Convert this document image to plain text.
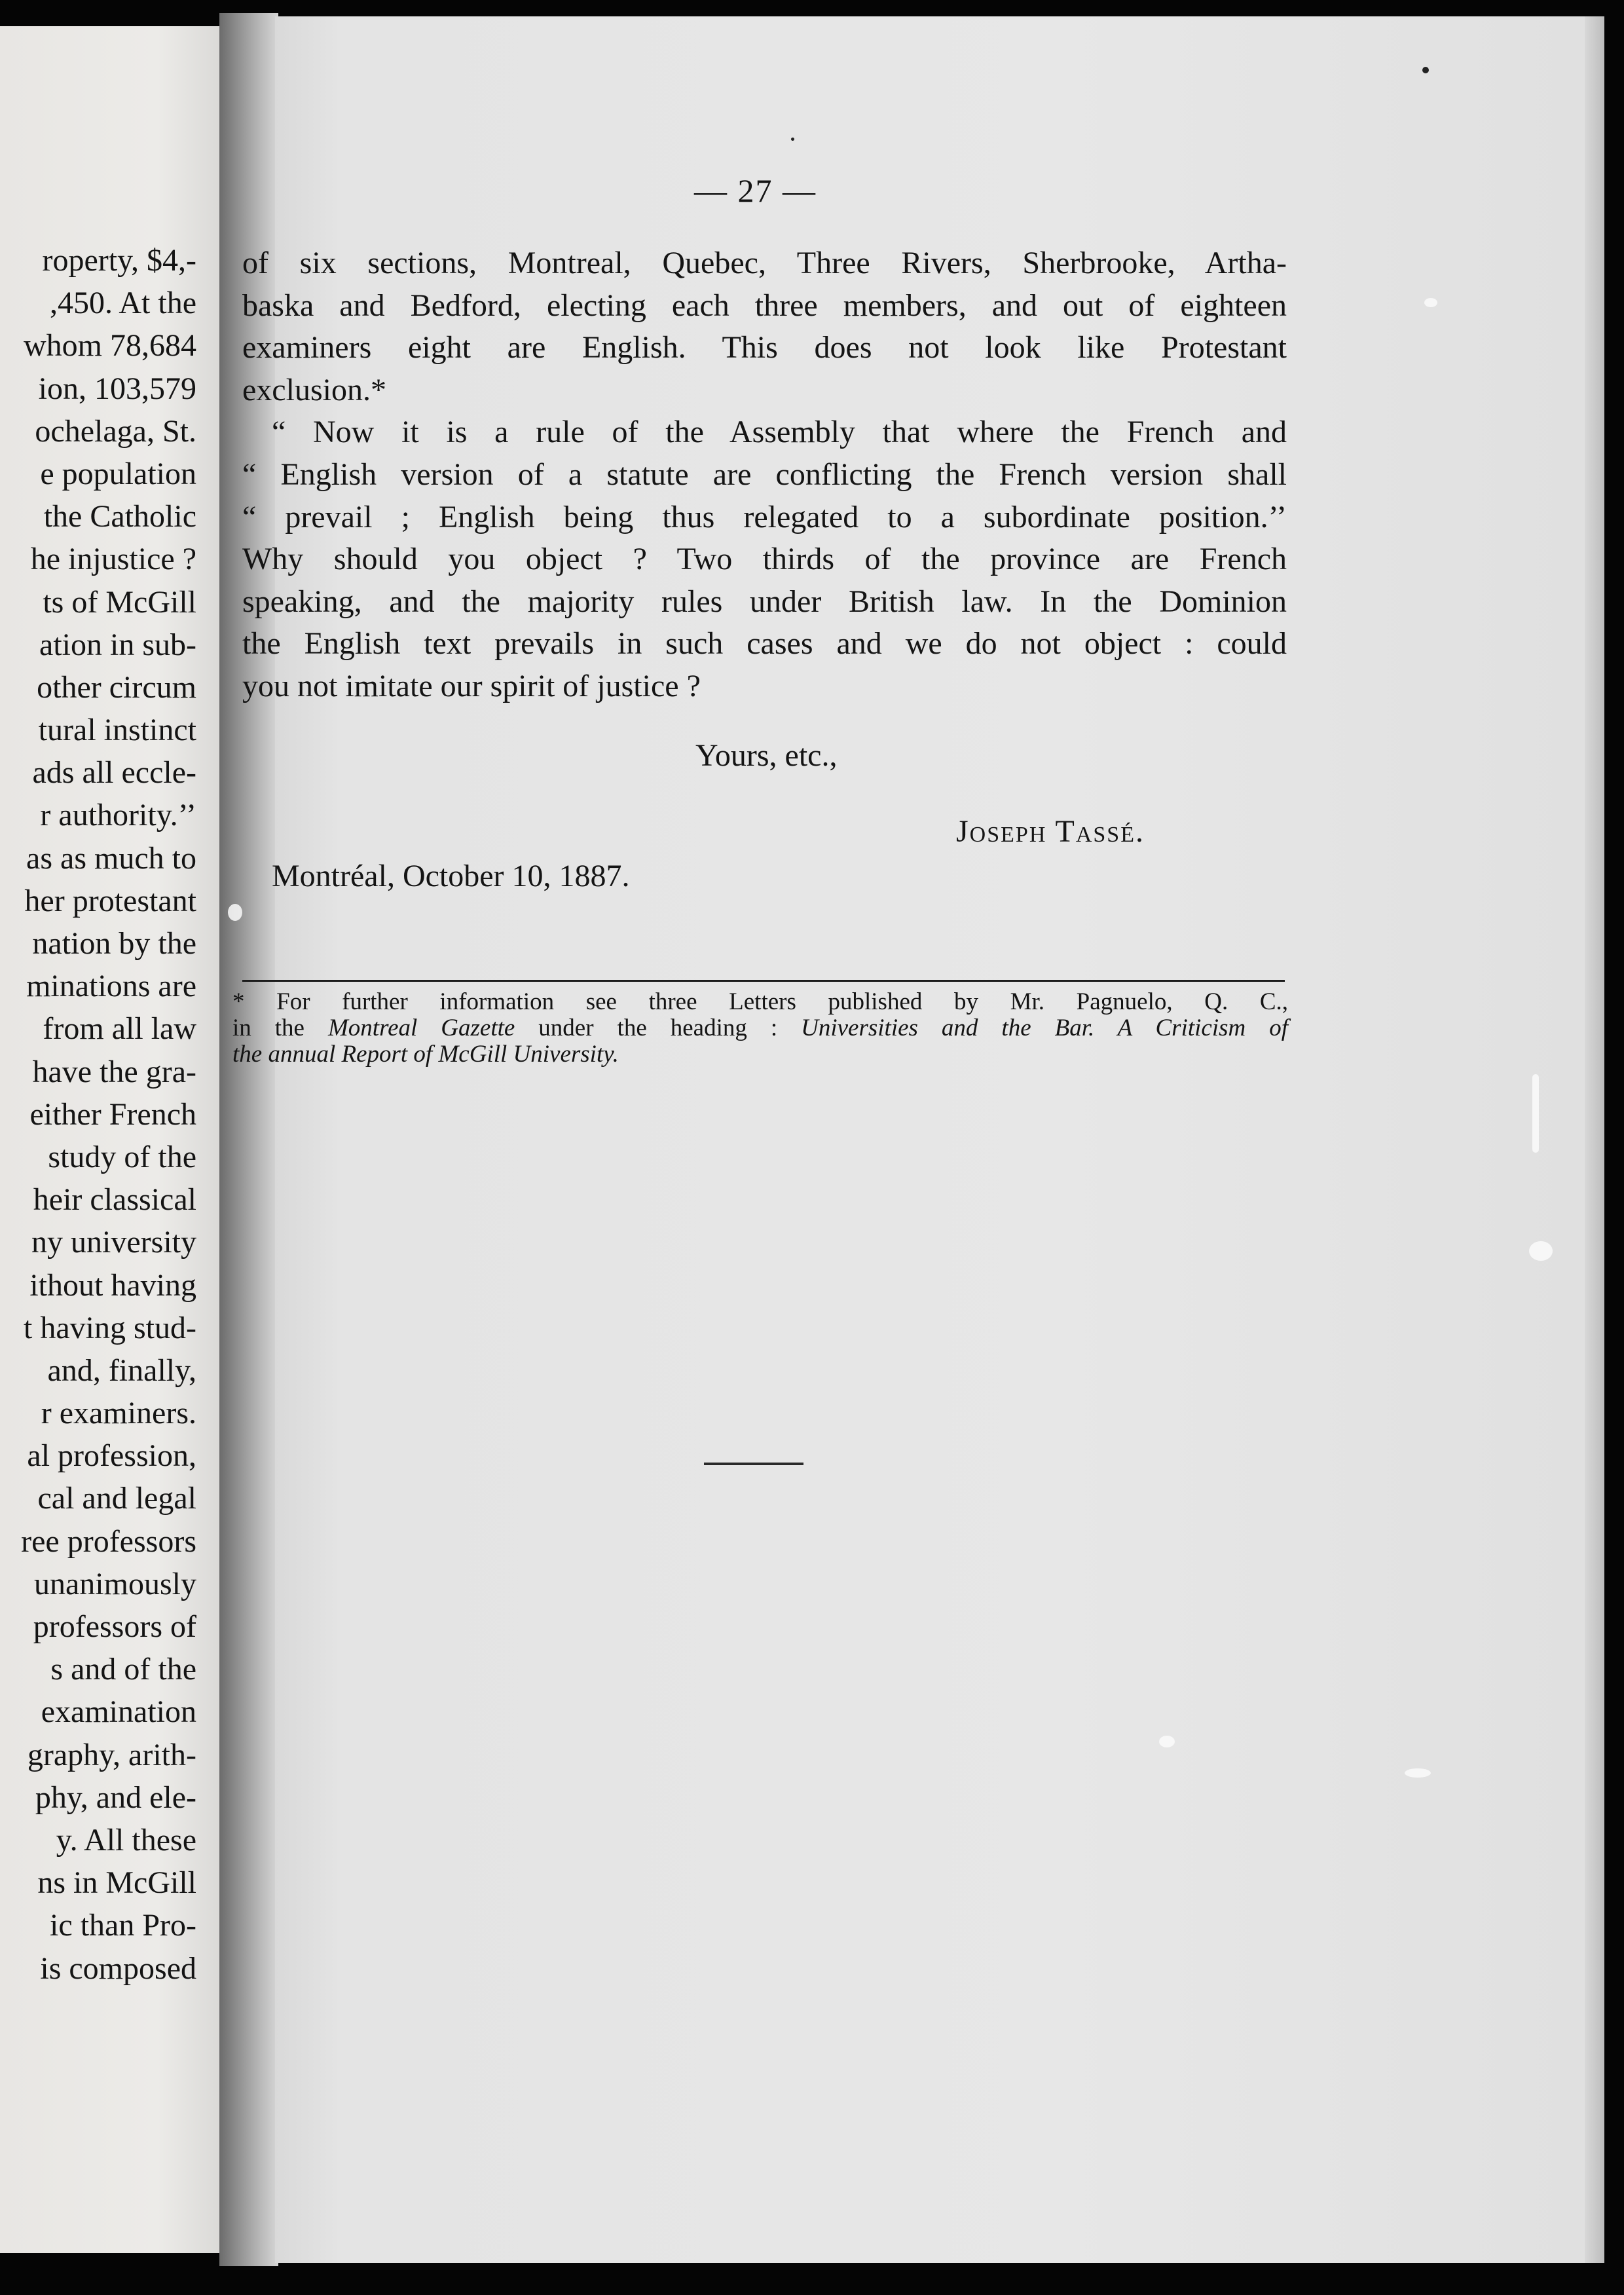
roperty, $4,-
,450. At the
whom 78,684
ion, 103,579
ochelaga, St.
e population
the Catholic
he injustice ?
ts of McGill
ation in sub-
other circum
tural instinct
ads all eccle-
r authority.’’
as as much to
her protestant
nation by the
minations are
from all law
have the gra-
either French
study of the
heir classical
ny university
ithout having
t having stud-
and, finally,
r examiners.
al profession,
cal and legal
ree professors
unanimously
professors of
s and of the
examination
graphy, arith-
phy, and ele-
y. All these
ns in McGill
ic than Pro-
is composed
— 27 —
of six sections, Montreal, Quebec, Three Rivers, Sherbrooke, Artha-
baska and Bedford, electing each three members, and out of eighteen
examiners eight are English. This does not look like Protestant
exclusion.*
“ Now it is a rule of the Assembly that where the French and
“ English version of a statute are conflicting the French version shall
“ prevail ; English being thus relegated to a subordinate position.’’
Why should you object ? Two thirds of the province are French
speaking, and the majority rules under British law. In the Dominion
the English text prevails in such cases and we do not object : could
you not imitate our spirit of justice ?
Yours, etc.,
Joseph Tassé.
Montréal, October 10, 1887.
* For further information see three Letters published by Mr. Pagnuelo, Q. C.,
in the Montreal Gazette under the heading : Universities and the Bar. A Criticism of
the annual Report of McGill University.
